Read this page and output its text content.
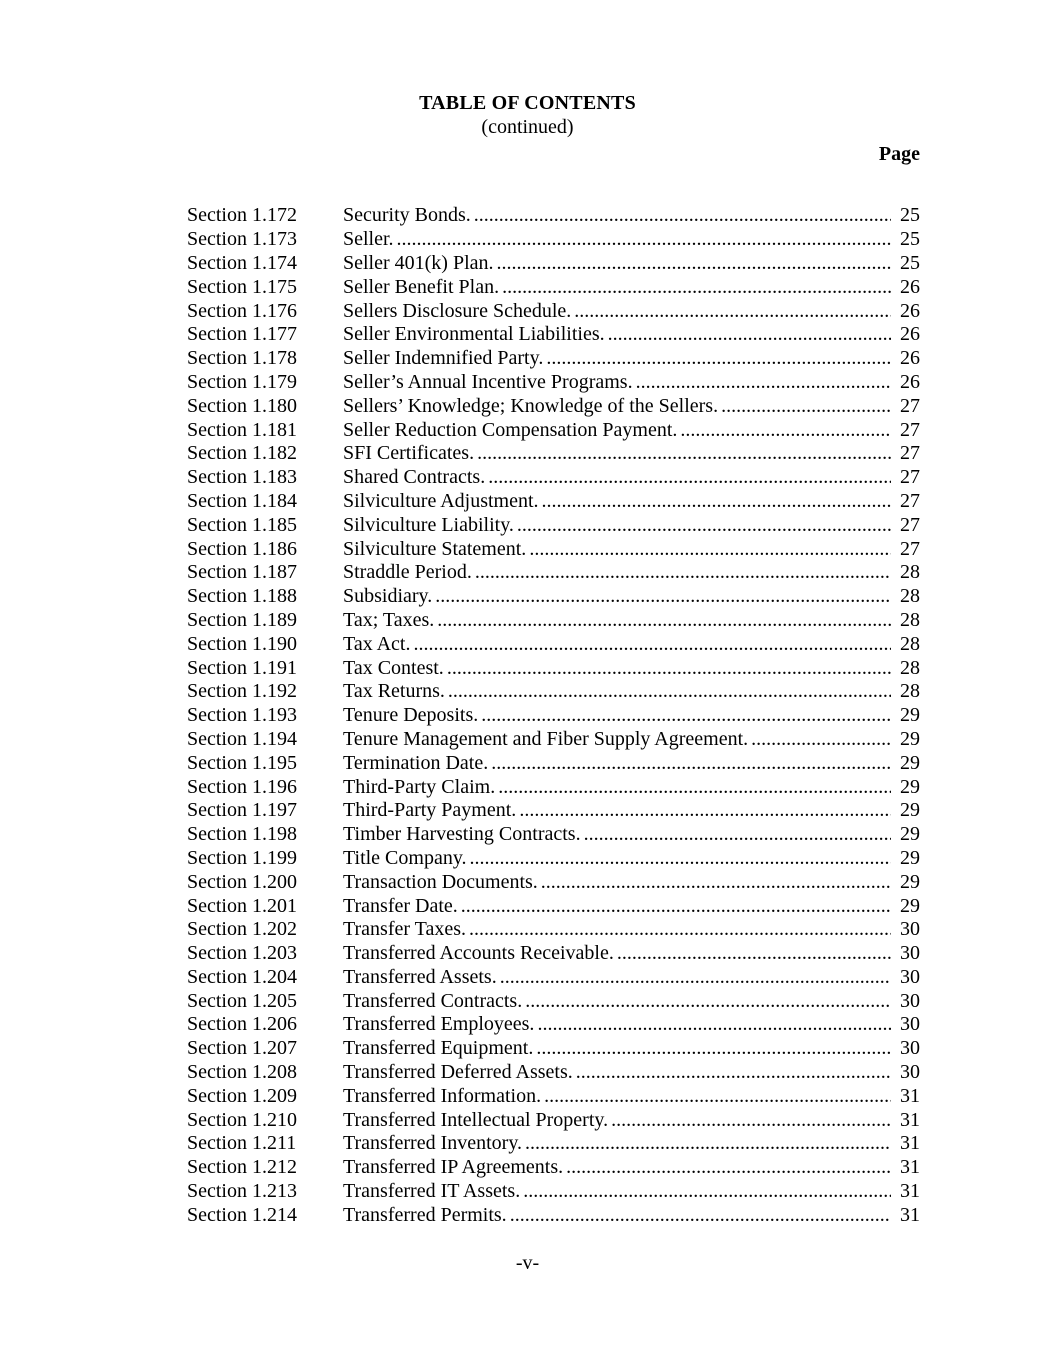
TABLE OF CONTENTS
(continued)
Page
Section 1.172	Security Bonds. .....	25
Section 1.173	Seller. .....	25
Section 1.174	Seller 401(k) Plan. .....	25
Section 1.175	Seller Benefit Plan. .....	26
Section 1.176	Sellers Disclosure Schedule. .....	26
Section 1.177	Seller Environmental Liabilities. .....	26
Section 1.178	Seller Indemnified Party. .....	26
Section 1.179	Seller’s Annual Incentive Programs. .....	26
Section 1.180	Sellers’ Knowledge; Knowledge of the Sellers. .....	27
Section 1.181	Seller Reduction Compensation Payment. .....	27
Section 1.182	SFI Certificates. .....	27
Section 1.183	Shared Contracts. .....	27
Section 1.184	Silviculture Adjustment. .....	27
Section 1.185	Silviculture Liability. .....	27
Section 1.186	Silviculture Statement. .....	27
Section 1.187	Straddle Period. .....	28
Section 1.188	Subsidiary. .....	28
Section 1.189	Tax; Taxes. .....	28
Section 1.190	Tax Act. .....	28
Section 1.191	Tax Contest. .....	28
Section 1.192	Tax Returns. .....	28
Section 1.193	Tenure Deposits. .....	29
Section 1.194	Tenure Management and Fiber Supply Agreement. .....	29
Section 1.195	Termination Date. .....	29
Section 1.196	Third-Party Claim. .....	29
Section 1.197	Third-Party Payment. .....	29
Section 1.198	Timber Harvesting Contracts. .....	29
Section 1.199	Title Company. .....	29
Section 1.200	Transaction Documents. .....	29
Section 1.201	Transfer Date. .....	29
Section 1.202	Transfer Taxes. .....	30
Section 1.203	Transferred Accounts Receivable. .....	30
Section 1.204	Transferred Assets. .....	30
Section 1.205	Transferred Contracts. .....	30
Section 1.206	Transferred Employees. .....	30
Section 1.207	Transferred Equipment. .....	30
Section 1.208	Transferred Deferred Assets. .....	30
Section 1.209	Transferred Information. .....	31
Section 1.210	Transferred Intellectual Property. .....	31
Section 1.211	Transferred Inventory. .....	31
Section 1.212	Transferred IP Agreements. .....	31
Section 1.213	Transferred IT Assets. .....	31
Section 1.214	Transferred Permits. .....	31
-v-
